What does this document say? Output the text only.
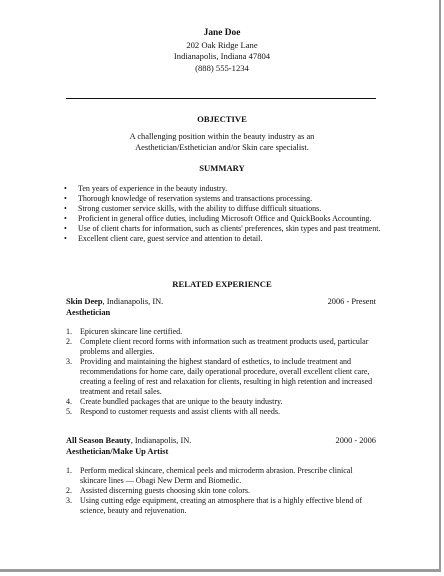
Jane Doe
202 Oak Ridge Lane
Indianapolis, Indiana 47804
(888) 555-1234
OBJECTIVE
A challenging position within the beauty industry as an
Aesthetician/Esthetician and/or Skin care specialist.
SUMMARY
• Ten years of experience in the beauty industry.
• Thorough knowledge of reservation systems and transactions processing.
• Strong customer service skills, with the ability to diffuse difficult situations.
• Proficient in general office duties, including Microsoft Office and QuickBooks Accounting.
• Use of client charts for information, such as clients' preferences, skin types and past treatment.
• Excellent client care, guest service and attention to detail.
RELATED EXPERIENCE
Skin Deep, Indianapolis, IN.	2006 - Present
Aesthetician
1. Epicuren skincare line certified.
2. Complete client record forms with information such as treatment products used, particular problems and allergies.
3. Providing and maintaining the highest standard of esthetics, to include treatment and recommendations for home care, daily operational procedure, overall excellent client care, creating a feeling of rest and relaxation for clients, resulting in high retention and increased treatment and retail sales.
4. Create bundled packages that are unique to the beauty industry.
5. Respond to customer requests and assist clients with all needs.
All Season Beauty, Indianapolis, IN.	2000 - 2006
Aesthetician/Make Up Artist
1. Perform medical skincare, chemical peels and microderm abrasion. Prescribe clinical skincare lines — Obagi New Derm and Biomedic.
2. Assisted discerning guests choosing skin tone colors.
3. Using cutting edge equipment, creating an atmosphere that is a highly effective blend of science, beauty and rejuvenation.
